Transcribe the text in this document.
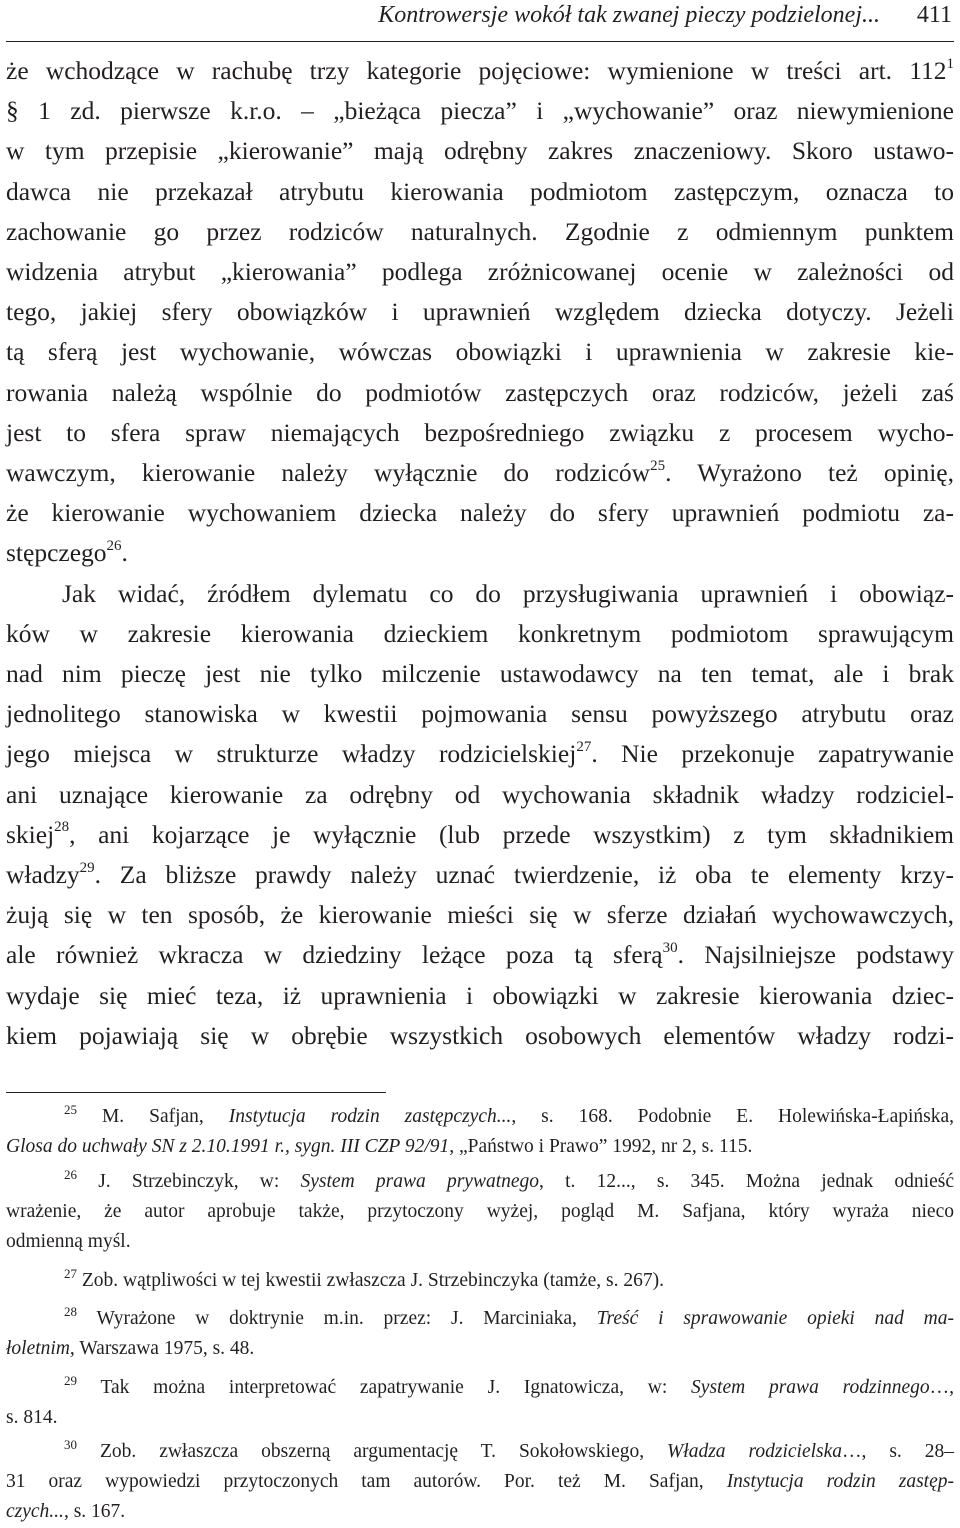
Kontrowersje wokół tak zwanej pieczy podzielonej... 411
że wchodzące w rachubę trzy kategorie pojęciowe: wymienione w treści art. $112^1$
§ 1 zd. pierwsze k.r.o. – „bieżąca piecza” i „wychowanie” oraz niewymienione
w tym przepisie „kierowanie” mają odrębny zakres znaczeniowy. Skoro ustawo-
dawca nie przekazał atrybutu kierowania podmiotom zastępczym, oznacza to
zachowanie go przez rodziców naturalnych. Zgodnie z odmiennym punktem
widzenia atrybut „kierowania” podlega zróżnicowanej ocenie w zależności od
tego, jakiej sfery obowiązków i uprawnień względem dziecka dotyczy. Jeżeli
tą sferą jest wychowanie, wówczas obowiązki i uprawnienia w zakresie kie-
rowania należą wspólnie do podmiotów zastępczych oraz rodziców, jeżeli zaś
jest to sfera spraw niemających bezpośredniego związku z procesem wycho-
wawczym, kierowanie należy wyłącznie do rodziców$^{25}$. Wyrażono też opinię,
że kierowanie wychowaniem dziecka należy do sfery uprawnień podmiotu za-
stępczego$^{26}$.
Jak widać, źródłem dylematu co do przysługiwania uprawnień i obowiąz-
ków w zakresie kierowania dzieckiem konkretnym podmiotom sprawującym
nad nim pieczę jest nie tylko milczenie ustawodawcy na ten temat, ale i brak
jednolitego stanowiska w kwestii pojmowania sensu powyższego atrybutu oraz
jego miejsca w strukturze władzy rodzicielskiej$^{27}$. Nie przekonuje zapatrywanie
ani uznające kierowanie za odrębny od wychowania składnik władzy rodziciel-
skiej$^{28}$, ani kojarzące je wyłącznie (lub przede wszystkim) z tym składnikiem
władzy$^{29}$. Za bliższe prawdy należy uznać twierdzenie, iż oba te elementy krzy-
żują się w ten sposób, że kierowanie mieści się w sferze działań wychowawczych,
ale również wkracza w dziedziny leżące poza tą sferą$^{30}$. Najsilniejsze podstawy
wydaje się mieć teza, iż uprawnienia i obowiązki w zakresie kierowania dziec-
kiem pojawiają się w obrębie wszystkich osobowych elementów władzy rodzi-
$^{25}$ M. Safjan, Instytucja rodzin zastępczych..., s. 168. Podobnie E. Holewińska-Łapińska,
Glosa do uchwały SN z 2.10.1991 r., sygn. III CZP 92/91, „Państwo i Prawo” 1992, nr 2, s. 115.
$^{26}$ J. Strzebinczyk, w: System prawa prywatnego, t. 12..., s. 345. Można jednak odnieść
wrażenie, że autor aprobuje także, przytoczony wyżej, pogląd M. Safjana, który wyraża nieco
odmienną myśl.
$^{27}$ Zob. wątpliwości w tej kwestii zwłaszcza J. Strzebinczyka (tamże, s. 267).
$^{28}$ Wyrażone w doktrynie m.in. przez: J. Marciniaka, Treść i sprawowanie opieki nad ma-
łoletnim, Warszawa 1975, s. 48.
$^{29}$ Tak można interpretować zapatrywanie J. Ignatowicza, w: System prawa rodzinnego…,
s. 814.
$^{30}$ Zob. zwłaszcza obszerną argumentację T. Sokołowskiego, Władza rodzicielska…, s. 28–
31 oraz wypowiedzi przytoczonych tam autorów. Por. też M. Safjan, Instytucja rodzin zastęp-
czych..., s. 167.
